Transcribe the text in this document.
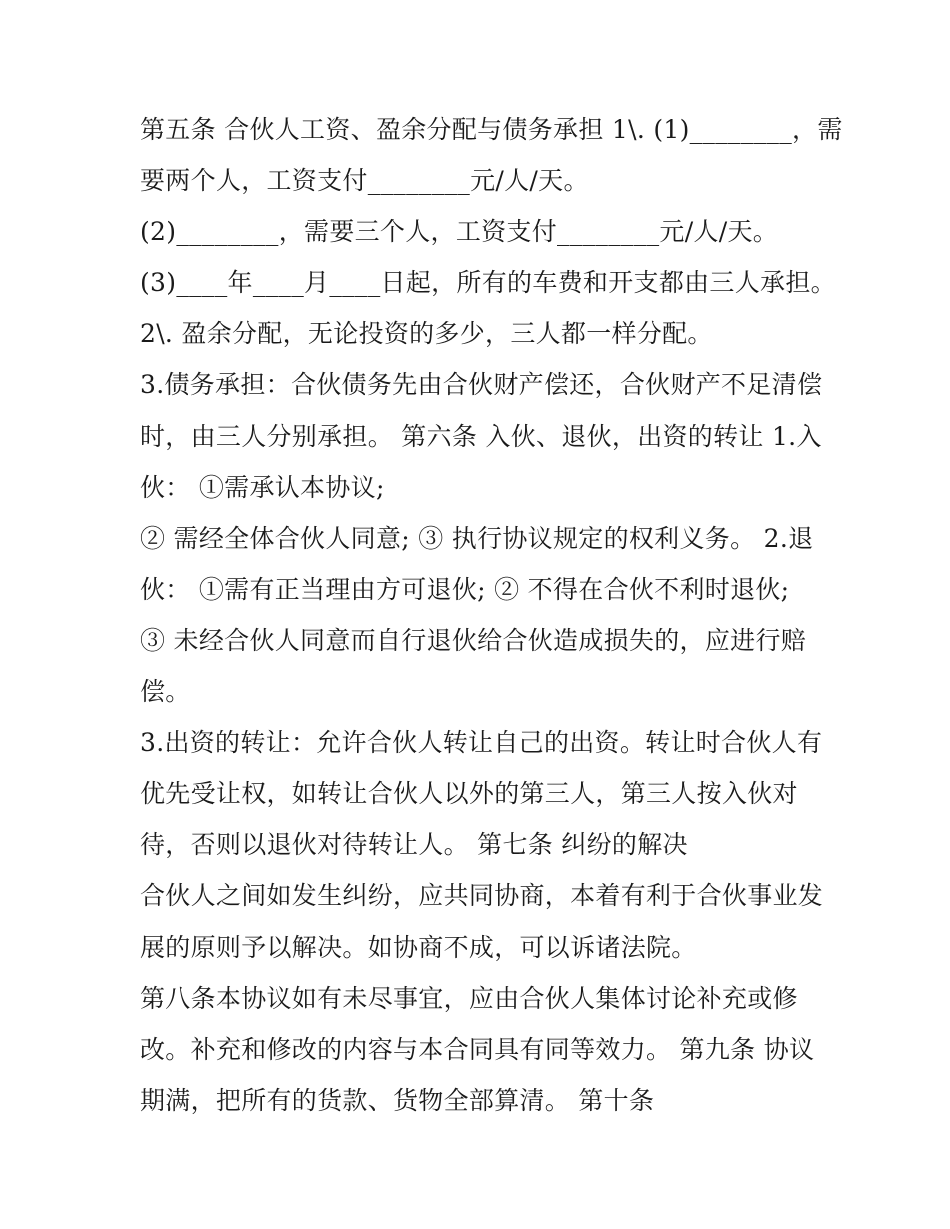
第五条 合伙人工资、盈余分配与债务承担 1\. (1)________，需
要两个人，工资支付________元/人/天。
(2)________，需要三个人，工资支付________元/人/天。
(3)____年____月____日起，所有的车费和开支都由三人承担。
2\. 盈余分配，无论投资的多少，三人都一样分配。
3.债务承担：合伙债务先由合伙财产偿还，合伙财产不足清偿
时，由三人分别承担。 第六条 入伙、退伙，出资的转让 1.入
伙： ①需承认本协议;
② 需经全体合伙人同意; ③ 执行协议规定的权利义务。 2.退
伙： ①需有正当理由方可退伙; ② 不得在合伙不利时退伙;
③ 未经合伙人同意而自行退伙给合伙造成损失的，应进行赔
偿。
3.出资的转让：允许合伙人转让自己的出资。转让时合伙人有
优先受让权，如转让合伙人以外的第三人，第三人按入伙对
待，否则以退伙对待转让人。 第七条 纠纷的解决
合伙人之间如发生纠纷，应共同协商，本着有利于合伙事业发
展的原则予以解决。如协商不成，可以诉诸法院。
第八条本协议如有未尽事宜，应由合伙人集体讨论补充或修
改。补充和修改的内容与本合同具有同等效力。 第九条 协议
期满，把所有的货款、货物全部算清。 第十条
